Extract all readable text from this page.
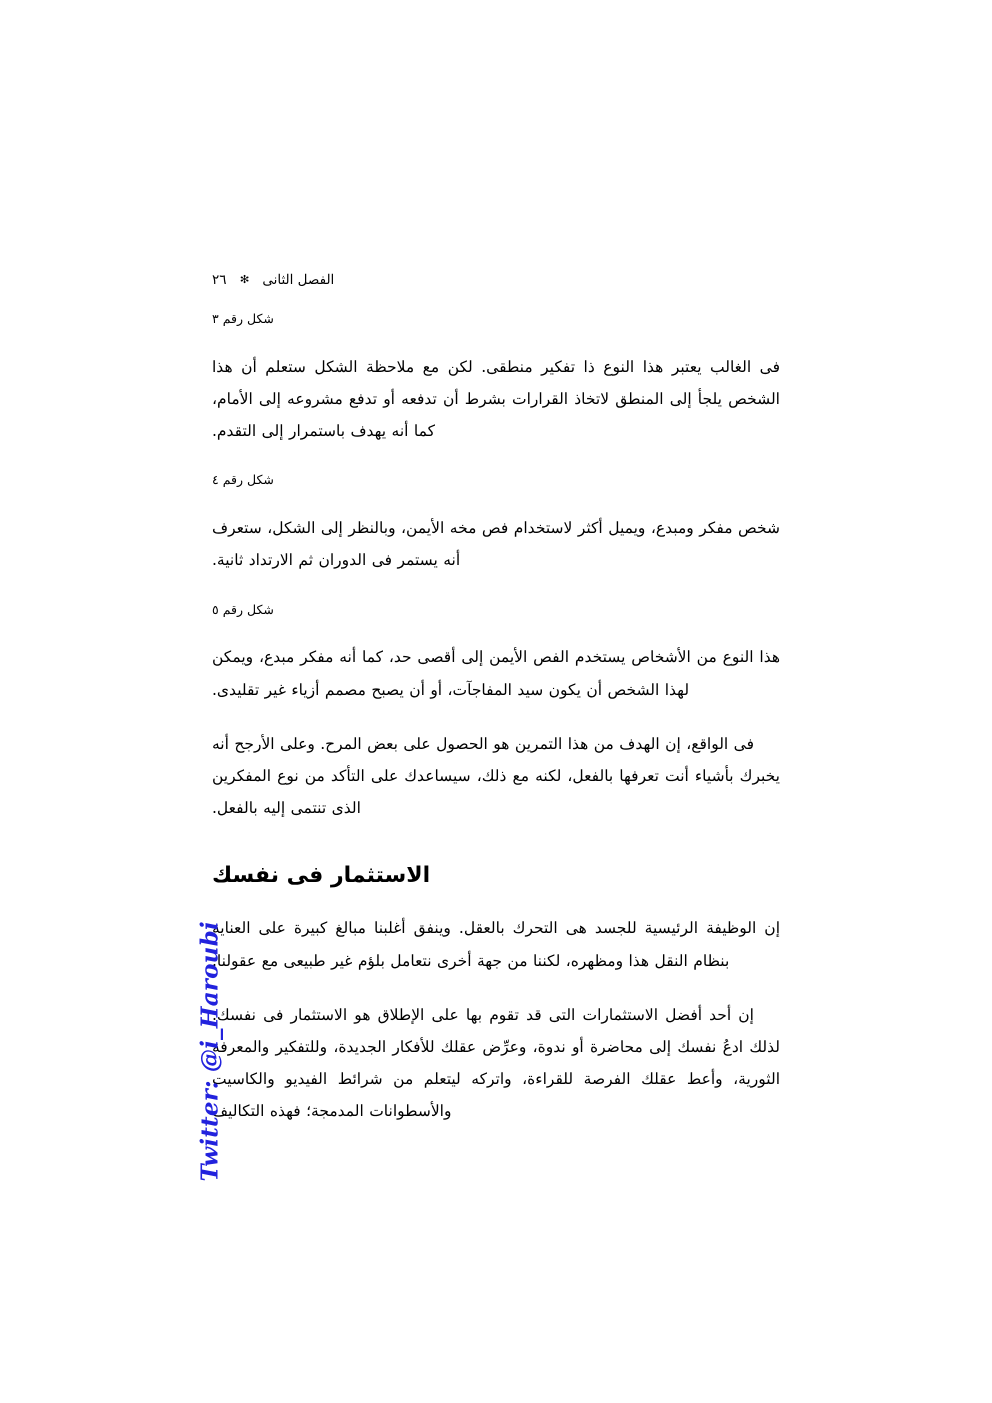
الفصل الثانى ✻ ٢٦

شكل رقم ٣

فى الغالب يعتبر هذا النوع ذا تفكير منطقى. لكن مع ملاحظة الشكل ستعلم أن هذا الشخص يلجأ إلى المنطق لاتخاذ القرارات بشرط أن تدفعه أو تدفع مشروعه إلى الأمام، كما أنه يهدف باستمرار إلى التقدم.

شكل رقم ٤

شخص مفكر ومبدع، ويميل أكثر لاستخدام فص مخه الأيمن، وبالنظر إلى الشكل، ستعرف أنه يستمر فى الدوران ثم الارتداد ثانية.

شكل رقم ٥

هذا النوع من الأشخاص يستخدم الفص الأيمن إلى أقصى حد، كما أنه مفكر مبدع، ويمكن لهذا الشخص أن يكون سيد المفاجآت، أو أن يصبح مصمم أزياء غير تقليدى.

فى الواقع، إن الهدف من هذا التمرين هو الحصول على بعض المرح. وعلى الأرجح أنه يخبرك بأشياء أنت تعرفها بالفعل، لكنه مع ذلك، سيساعدك على التأكد من نوع المفكرين الذى تنتمى إليه بالفعل.

الاستثمار فى نفسك

إن الوظيفة الرئيسية للجسد هى التحرك بالعقل. وينفق أغلبنا مبالغ كبيرة على العناية بنظام النقل هذا ومظهره، لكننا من جهة أخرى نتعامل بلؤم غير طبيعى مع عقولنا.

إن أحد أفضل الاستثمارات التى قد تقوم بها على الإطلاق هو الاستثمار فى نفسك. لذلك ادعُ نفسك إلى محاضرة أو ندوة، وعرِّض عقلك للأفكار الجديدة، وللتفكير والمعرفة الثورية، وأعط عقلك الفرصة للقراءة، واتركه ليتعلم من شرائط الفيديو والكاسيت والأسطوانات المدمجة؛ فهذه التكاليف

Twitter: @i_Haroubi
